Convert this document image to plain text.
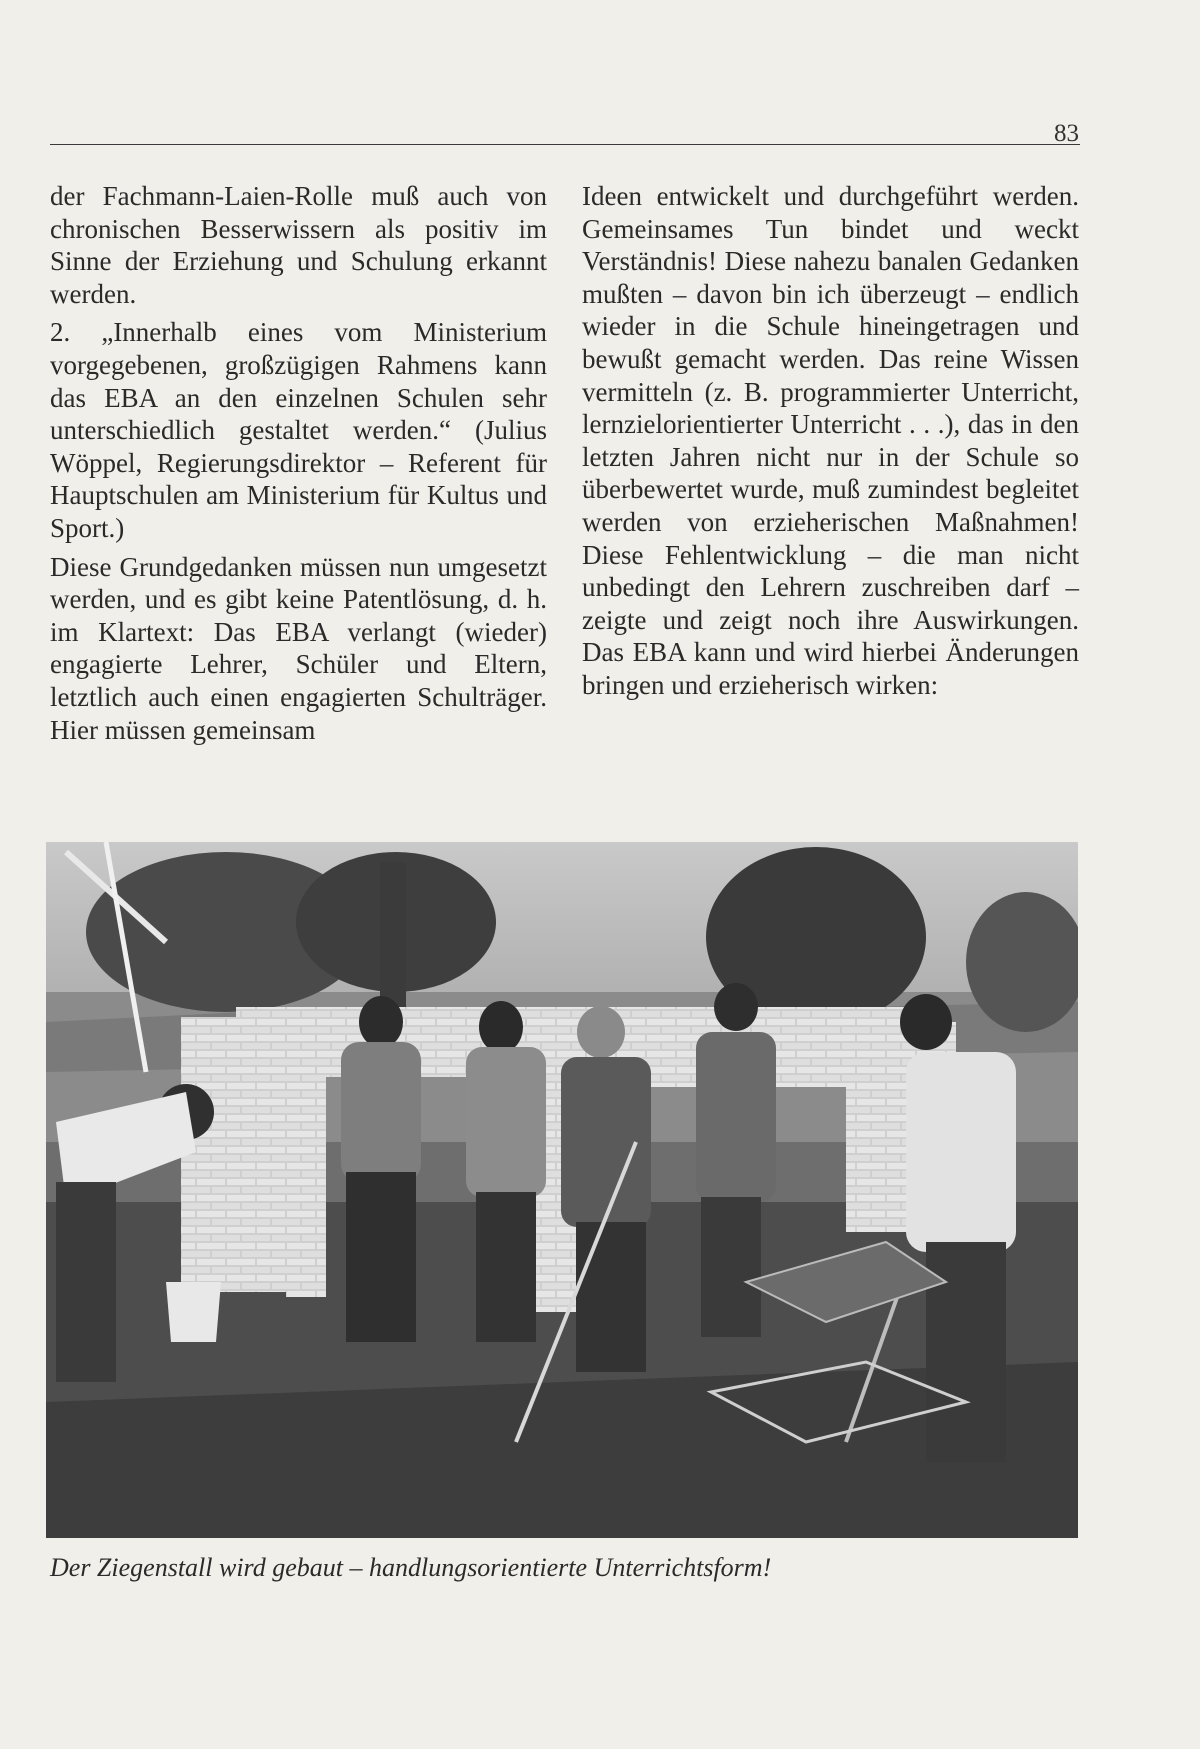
83

der Fachmann-Laien-Rolle muß auch von chronischen Besserwissern als positiv im Sinne der Erziehung und Schulung erkannt werden.

2. „Innerhalb eines vom Ministerium vorgegebenen, großzügigen Rahmens kann das EBA an den einzelnen Schulen sehr unterschiedlich gestaltet werden.“ (Julius Wöppel, Regierungsdirektor – Referent für Hauptschulen am Ministerium für Kultus und Sport.)

Diese Grundgedanken müssen nun umgesetzt werden, und es gibt keine Patentlösung, d. h. im Klartext: Das EBA verlangt (wieder) engagierte Lehrer, Schüler und Eltern, letztlich auch einen engagierten Schulträger. Hier müssen gemeinsam

Ideen entwickelt und durchgeführt werden. Gemeinsames Tun bindet und weckt Verständnis! Diese nahezu banalen Gedanken mußten – davon bin ich überzeugt – endlich wieder in die Schule hineingetragen und bewußt gemacht werden. Das reine Wissen vermitteln (z. B. programmierter Unterricht, lernzielorientierter Unterricht . . .), das in den letzten Jahren nicht nur in der Schule so überbewertet wurde, muß zumindest begleitet werden von erzieherischen Maßnahmen! Diese Fehlentwicklung – die man nicht unbedingt den Lehrern zuschreiben darf – zeigte und zeigt noch ihre Auswirkungen. Das EBA kann und wird hierbei Änderungen bringen und erzieherisch wirken:

Der Ziegenstall wird gebaut – handlungsorientierte Unterrichtsform!
